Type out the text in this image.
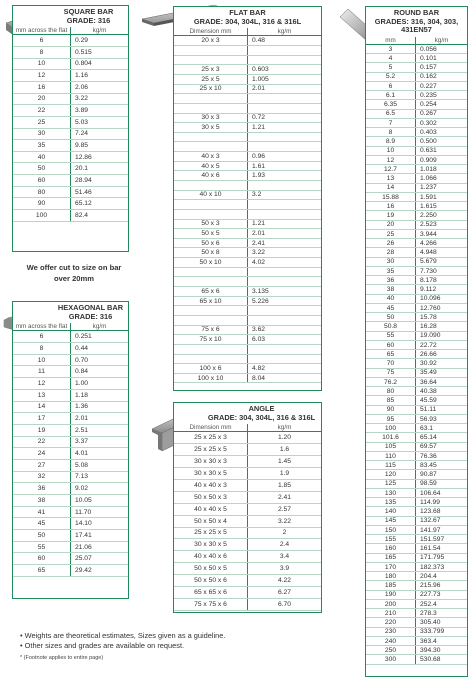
SQUARE BAR
GRADE: 316
mm across the flat	kg/m
6	0.29
8	0.515
10	0.804
12	1.16
16	2.06
20	3.22
22	3.89
25	5.03
30	7.24
35	9.85
40	12.86
50	20.1
60	28.94
80	51.46
90	65.12
100	82.4
We offer cut to size on bar over 20mm
HEXAGONAL BAR
GRADE: 316
mm across the flat	kg/m
6	0.251
8	0.44
10	0.70
11	0.84
12	1.00
13	1.18
14	1.36
17	2.01
19	2.51
22	3.37
24	4.01
27	5.08
32	7.13
36	9.02
38	10.05
41	11.70
45	14.10
50	17.41
55	21.06
60	25.07
65	29.42
FLAT BAR
GRADE: 304, 304L, 316 & 316L
Dimension mm	kg/m
20 x 3	0.48
25 x 3	0.603
25 x 5	1.005
25 x 10	2.01
30 x 3	0.72
30 x 5	1.21
40 x 3	0.96
40 x 5	1.61
40 x 6	1.93
40 x 10	3.2
50 x 3	1.21
50 x 5	2.01
50 x 6	2.41
50 x 8	3.22
50 x 10	4.02
65 x 6	3.135
65 x 10	5.226
75 x 6	3.62
75 x 10	6.03
100 x 6	4.82
100 x 10	8.04
ANGLE
GRADE: 304, 304L, 316 & 316L
Dimension mm	kg/m
25 x 25 x 3	1.20
25 x 25 x 5	1.6
30 x 30 x 3	1.45
30 x 30 x 5	1.9
40 x 40 x 3	1.85
50 x 50 x 3	2.41
40 x 40 x 5	2.57
50 x 50 x 4	3.22
25 x 25 x 5	2
30 x 30 x 5	2.4
40 x 40 x 6	3.4
50 x 50 x 5	3.9
50 x 50 x 6	4.22
65 x 65 x 6	6.27
75 x 75 x 6	6.70
ROUND BAR
GRADES: 316, 304, 303, 431EN57
mm	kg/m
3	0.056
4	0.101
5	0.157
5.2	0.162
6	0.227
6.1	0.235
6.35	0.254
6.5	0.267
7	0.302
8	0.403
8.9	0.500
10	0.631
12	0.909
12.7	1.018
13	1.066
14	1.237
15.88	1.591
16	1.615
19	2.250
20	2.523
25	3.944
26	4.266
28	4.948
30	5.679
35	7.730
36	8.178
38	9.112
40	10.096
45	12.760
50	15.78
50.8	16.28
55	19.090
60	22.72
65	26.66
70	30.92
75	35.49
76.2	36.64
80	40.38
85	45.59
90	51.11
95	56.93
100	63.1
101.6	65.14
105	69.57
110	76.36
115	83.45
120	90.87
125	98.59
130	106.64
135	114.99
140	123.68
145	132.67
150	141.97
155	151.597
160	161.54
165	171.795
170	182.373
180	204.4
185	215.96
190	227.73
200	252.4
210	278.3
220	305.40
230	333.799
240	363.4
250	394.30
300	530.68
• Weights are theoretical estimates, Sizes given as a guideline.
• Other sizes and grades are available on request.
* (Footnote applies to entire page)
